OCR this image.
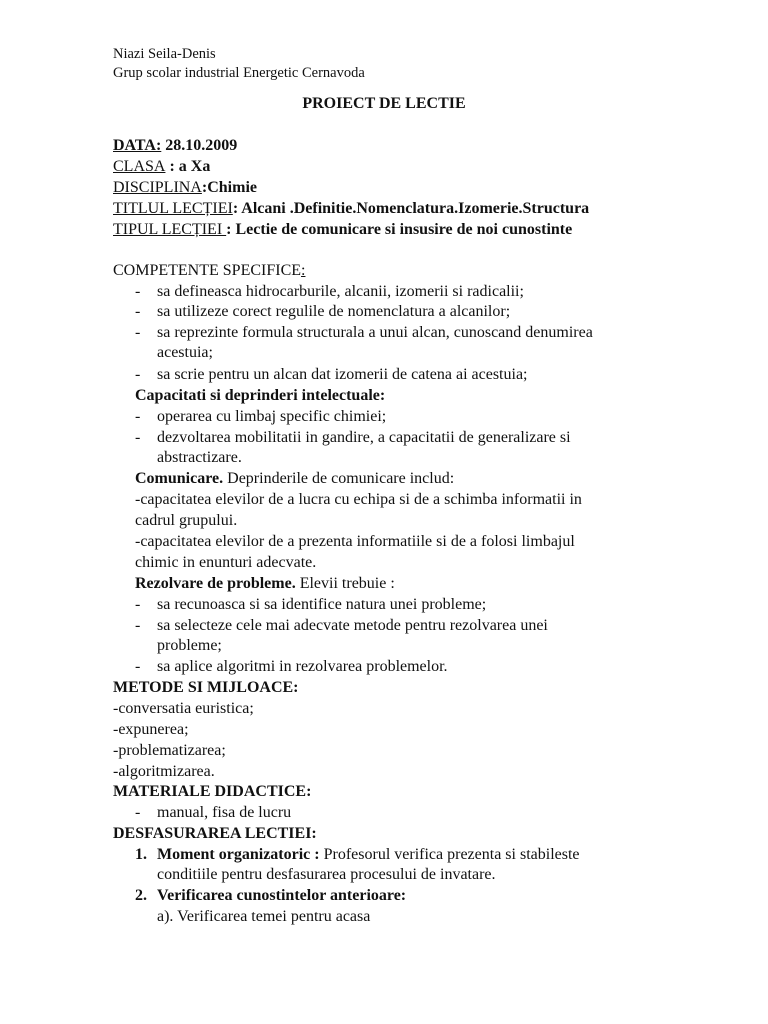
Niazi Seila-Denis
Grup scolar industrial Energetic Cernavoda
PROIECT DE LECTIE
DATA: 28.10.2009
CLASA : a Xa
DISCIPLINA:Chimie
TITLUL LECȚIEI: Alcani .Definitie.Nomenclatura.Izomerie.Structura
TIPUL LECȚIEI : Lectie de comunicare si insusire de noi cunostinte
COMPETENTE SPECIFICE:
- sa defineasca hidrocarburile, alcanii, izomerii si radicalii;
- sa utilizeze corect regulile de nomenclatura a alcanilor;
- sa reprezinte formula structurala a unui alcan, cunoscand denumirea
acestuia;
- sa scrie pentru un alcan dat izomerii de catena ai acestuia;
Capacitati si deprinderi intelectuale:
- operarea cu limbaj specific chimiei;
- dezvoltarea mobilitatii in gandire, a capacitatii de generalizare si
abstractizare.
Comunicare. Deprinderile de comunicare includ:
-capacitatea elevilor de a lucra cu echipa si de a schimba informatii in
cadrul grupului.
-capacitatea elevilor de a prezenta informatiile si de a folosi limbajul
chimic in enunturi adecvate.
Rezolvare de probleme. Elevii trebuie :
- sa recunoasca si sa identifice natura unei probleme;
- sa selecteze cele mai adecvate metode pentru rezolvarea unei
probleme;
- sa aplice algoritmi in rezolvarea problemelor.
METODE SI MIJLOACE:
-conversatia euristica;
-expunerea;
-problematizarea;
-algoritmizarea.
MATERIALE DIDACTICE:
- manual, fisa de lucru
DESFASURAREA LECTIEI:
1. Moment organizatoric : Profesorul verifica prezenta si stabileste
conditiile pentru desfasurarea procesului de invatare.
2. Verificarea cunostintelor anterioare:
a). Verificarea temei pentru acasa
